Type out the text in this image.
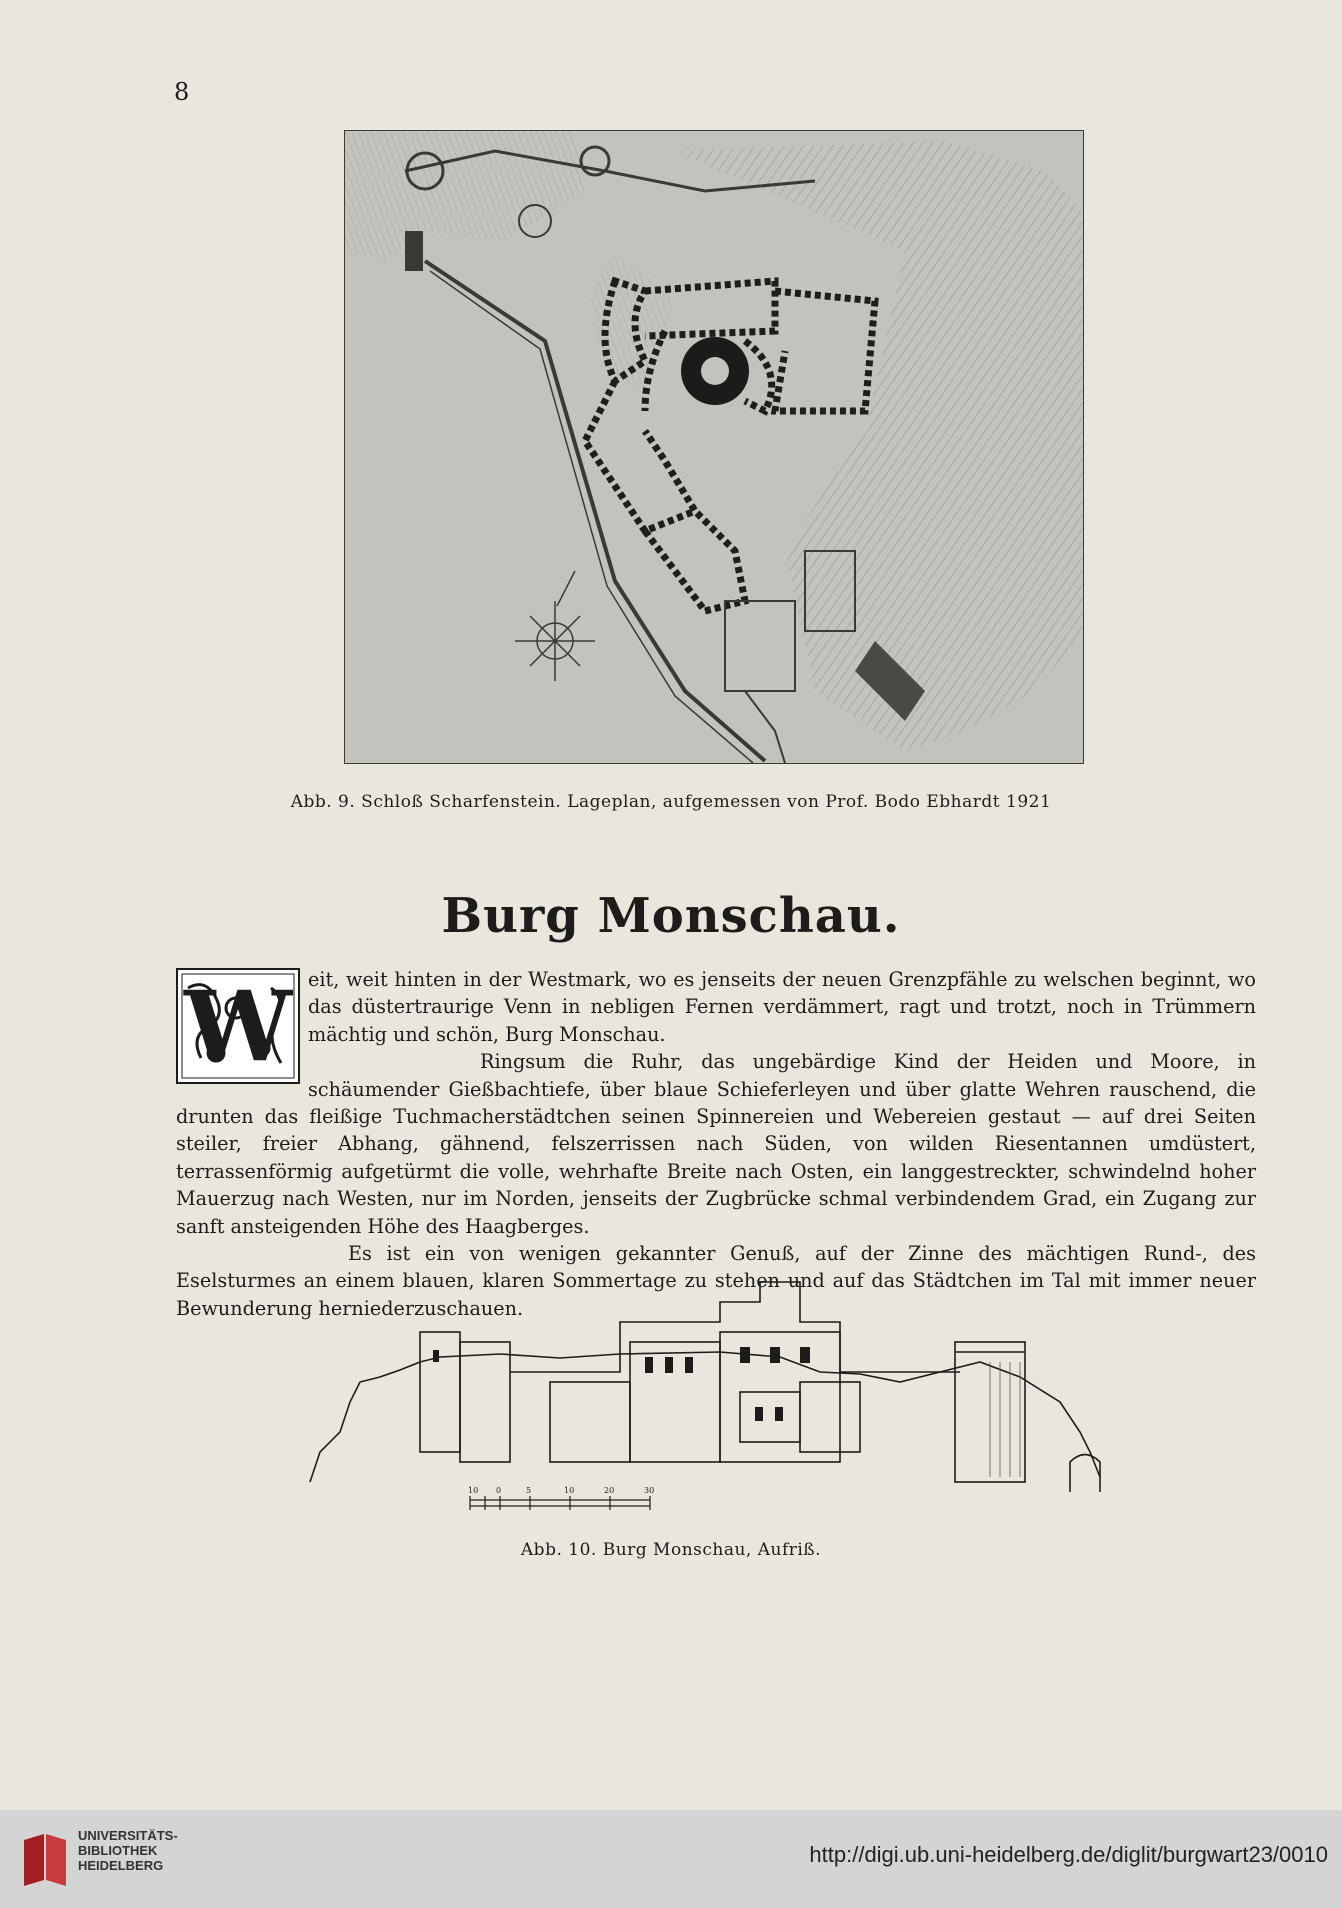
8
Abb. 9. Schloß Scharfenstein. Lageplan, aufgemessen von Prof. Bodo Ebhardt 1921
Burg Monschau.
W eit, weit hinten in der Westmark, wo es jenseits der neuen Grenzpfähle zu welschen beginnt, wo das düstertraurige Venn in nebligen Fernen verdämmert, ragt und trotzt, noch in Trümmern mächtig und schön, Burg Monschau.

Ringsum die Ruhr, das ungebärdige Kind der Heiden und Moore, in schäumender Gießbachtiefe, über blaue Schieferleyen und über glatte Wehren rauschend, die drunten das fleißige Tuchmacherstädtchen seinen Spinnereien und Webereien gestaut — auf drei Seiten steiler, freier Abhang, gähnend, felszerrissen nach Süden, von wilden Riesentannen umdüstert, terrassenförmig aufgetürmt die volle, wehrhafte Breite nach Osten, ein langgestreckter, schwindelnd hoher Mauerzug nach Westen, nur im Norden, jenseits der Zugbrücke schmal verbindendem Grad, ein Zugang zur sanft ansteigenden Höhe des Haagberges.

Es ist ein von wenigen gekannter Genuß, auf der Zinne des mächtigen Rund-, des Eselsturmes an einem blauen, klaren Sommertage zu stehen und auf das Städtchen im Tal mit immer neuer Bewunderung herniederzuschauen.

10 0	5	10	20	30
Abb. 10. Burg Monschau, Aufriß.
UNIVERSITÄTS-
BIBLIOTHEK
HEIDELBERG	http://digi.ub.uni-heidelberg.de/diglit/burgwart23/0010
